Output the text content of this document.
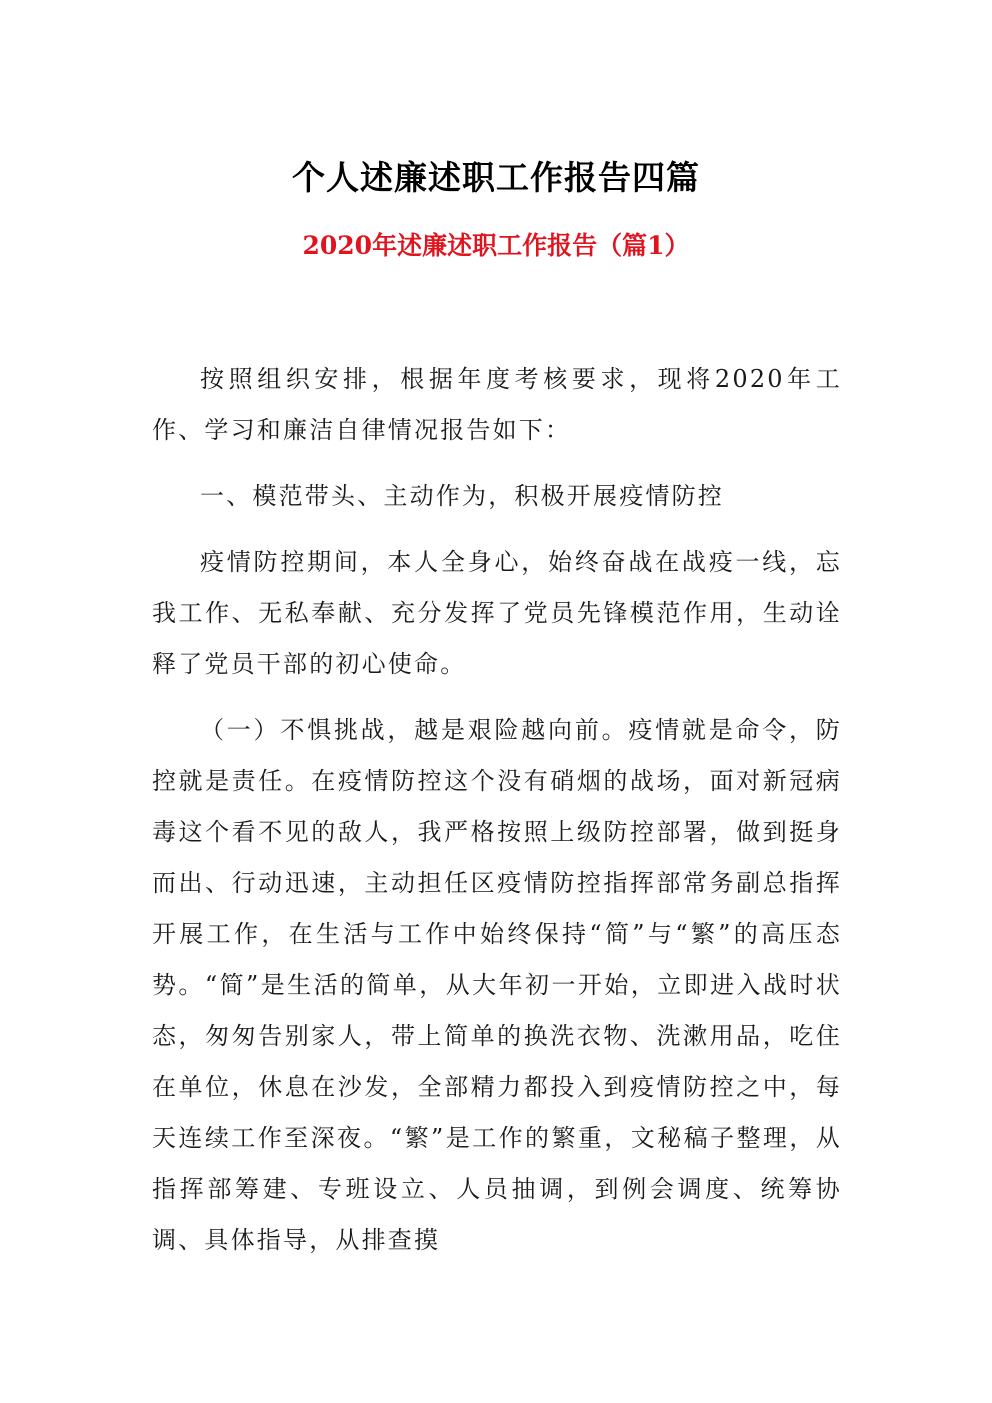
个人述廉述职工作报告四篇
2020年述廉述职工作报告（篇1）

按照组织安排，根据年度考核要求，现将2020年工作、学习和廉洁自律情况报告如下：

一、模范带头、主动作为，积极开展疫情防控

疫情防控期间，本人全身心，始终奋战在战疫一线，忘我工作、无私奉献、充分发挥了党员先锋模范作用，生动诠释了党员干部的初心使命。

（一）不惧挑战，越是艰险越向前。疫情就是命令，防控就是责任。在疫情防控这个没有硝烟的战场，面对新冠病毒这个看不见的敌人，我严格按照上级防控部署，做到挺身而出、行动迅速，主动担任区疫情防控指挥部常务副总指挥开展工作，在生活与工作中始终保持“简”与“繁”的高压态势。“简”是生活的简单，从大年初一开始，立即进入战时状态，匆匆告别家人，带上简单的换洗衣物、洗漱用品，吃住在单位，休息在沙发，全部精力都投入到疫情防控之中，每天连续工作至深夜。“繁”是工作的繁重，文秘稿子整理，从指挥部筹建、专班设立、人员抽调，到例会调度、统筹协调、具体指导，从排查摸
